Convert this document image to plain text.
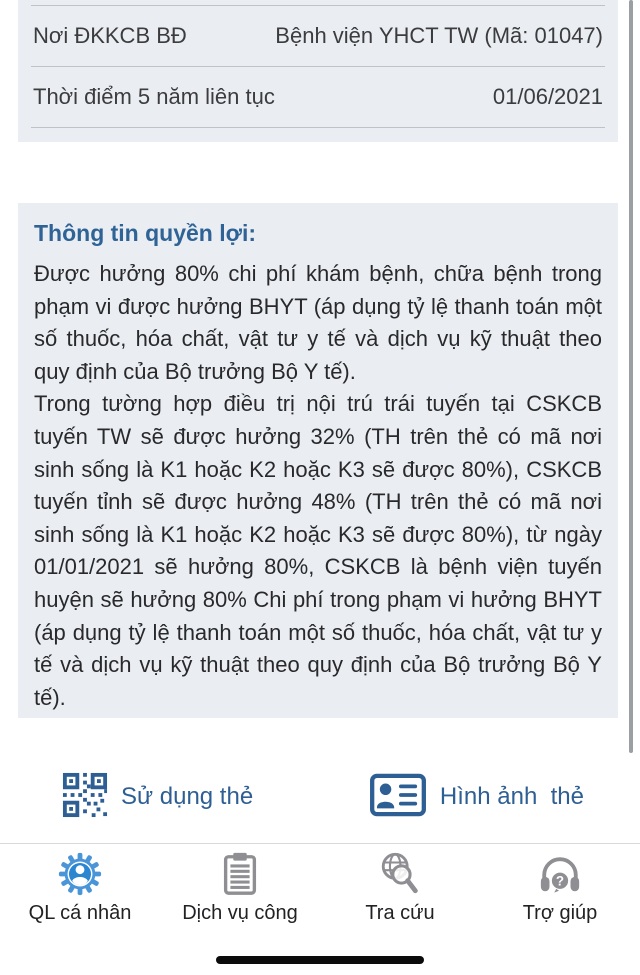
Nơi ĐKKCB BĐ	Bệnh viện YHCT TW (Mã: 01047)
Thời điểm 5 năm liên tục	01/06/2021
Thông tin quyền lợi:

Được hưởng 80% chi phí khám bệnh, chữa bệnh trong phạm vi được hưởng BHYT (áp dụng tỷ lệ thanh toán một số thuốc, hóa chất, vật tư y tế và dịch vụ kỹ thuật theo quy định của Bộ trưởng Bộ Y tế).

Trong tường hợp điều trị nội trú trái tuyến tại CSKCB tuyến TW sẽ được hưởng 32% (TH trên thẻ có mã nơi sinh sống là K1 hoặc K2 hoặc K3 sẽ được 80%), CSKCB tuyến tỉnh sẽ được hưởng 48% (TH trên thẻ có mã nơi sinh sống là K1 hoặc K2 hoặc K3 sẽ được 80%), từ ngày 01/01/2021 sẽ hưởng 80%, CSKCB là bệnh viện tuyến huyện sẽ hưởng 80% Chi phí trong phạm vi hưởng BHYT (áp dụng tỷ lệ thanh toán một số thuốc, hóa chất, vật tư y tế và dịch vụ kỹ thuật theo quy định của Bộ trưởng Bộ Y tế).

Sử dụng thẻ	Hình ảnh  thẻ
QL cá nhân	Dịch vụ công	Tra cứu
?
Trợ giúp
